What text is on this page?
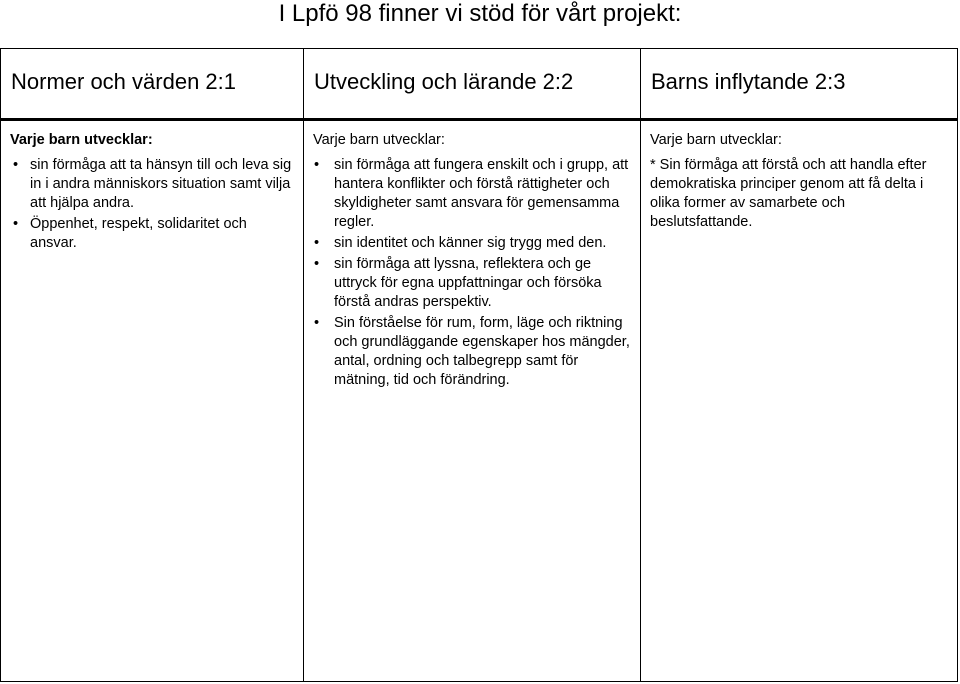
I Lpfö 98 finner vi stöd för vårt projekt:
Normer och värden 2:1	Utveckling och lärande 2:2	Barns inflytande 2:3
Varje barn utvecklar:
• sin förmåga att ta hänsyn till och leva sig in i andra människors situation samt vilja att hjälpa andra.
• Öppenhet, respekt, solidaritet och ansvar.
Varje barn utvecklar:
• sin förmåga att fungera enskilt och i grupp, att hantera konflikter och förstå rättigheter och skyldigheter samt ansvara för gemensamma regler.
• sin identitet och känner sig trygg med den.
• sin förmåga att lyssna, reflektera och ge uttryck för egna uppfattningar och försöka förstå andras perspektiv.
• Sin förståelse för rum, form, läge och riktning och grundläggande egenskaper hos mängder, antal, ordning och talbegrepp samt för mätning, tid och förändring.
Varje barn utvecklar:
* Sin förmåga att förstå och att handla efter demokratiska principer genom att få delta i olika former av samarbete och beslutsfattande.
